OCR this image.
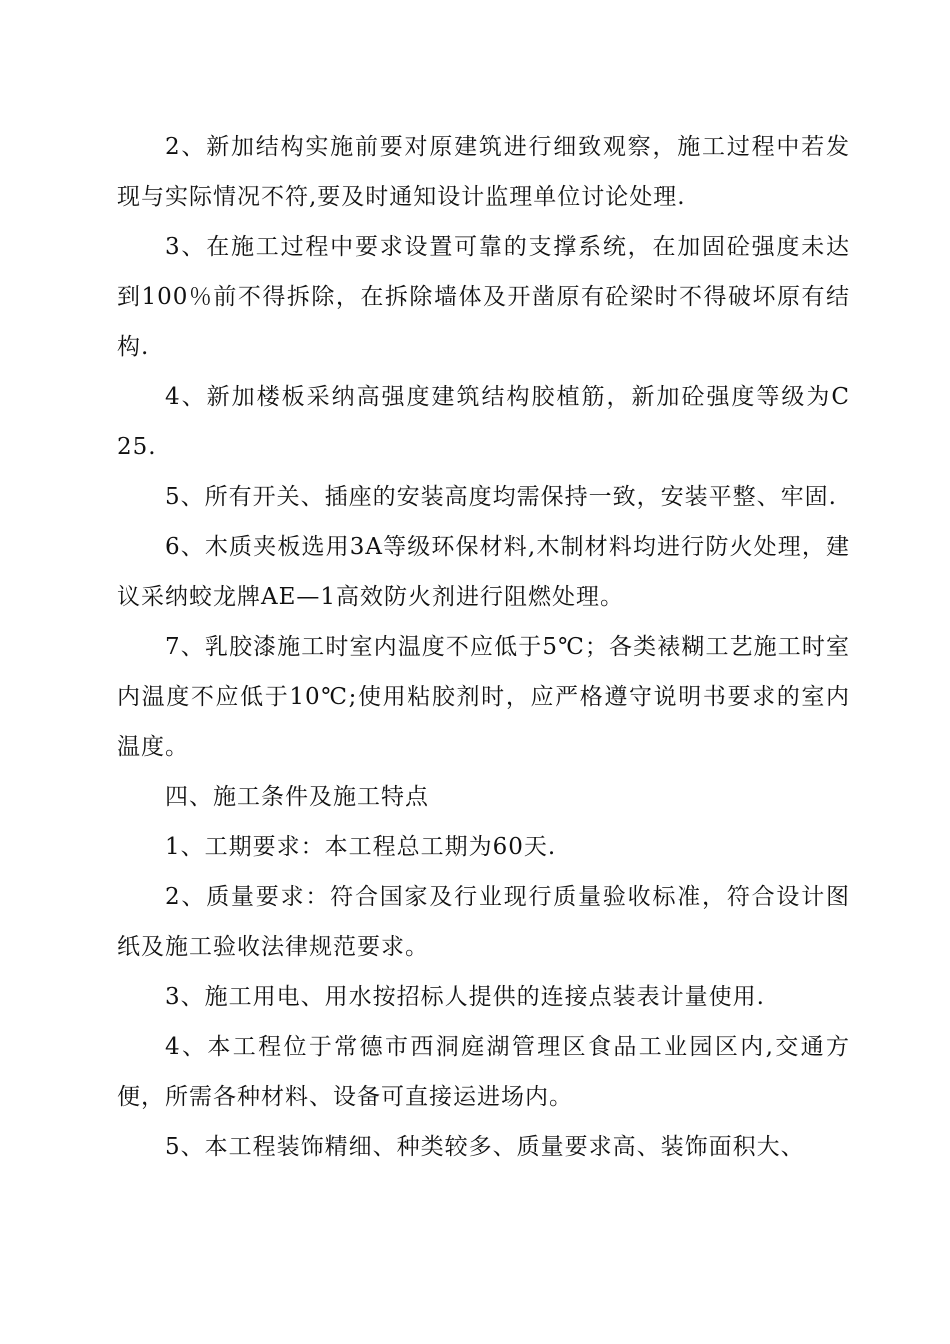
2、新加结构实施前要对原建筑进行细致观察，施工过程中若发现与实际情况不符,要及时通知设计监理单位讨论处理.

3、在施工过程中要求设置可靠的支撑系统，在加固砼强度未达到100％前不得拆除，在拆除墙体及开凿原有砼梁时不得破坏原有结构.

4、新加楼板采纳高强度建筑结构胶植筋，新加砼强度等级为C 25.

5、所有开关、插座的安装高度均需保持一致，安装平整、牢固.

6、木质夹板选用3A等级环保材料,木制材料均进行防火处理，建议采纳蛟龙牌AE—1高效防火剂进行阻燃处理。

7、乳胶漆施工时室内温度不应低于5℃；各类裱糊工艺施工时室内温度不应低于10℃;使用粘胶剂时，应严格遵守说明书要求的室内温度。

四、施工条件及施工特点

1、工期要求：本工程总工期为60天.

2、质量要求：符合国家及行业现行质量验收标准，符合设计图纸及施工验收法律规范要求。

3、施工用电、用水按招标人提供的连接点装表计量使用.

4、本工程位于常德市西洞庭湖管理区食品工业园区内,交通方便，所需各种材料、设备可直接运进场内。

5、本工程装饰精细、种类较多、质量要求高、装饰面积大、
